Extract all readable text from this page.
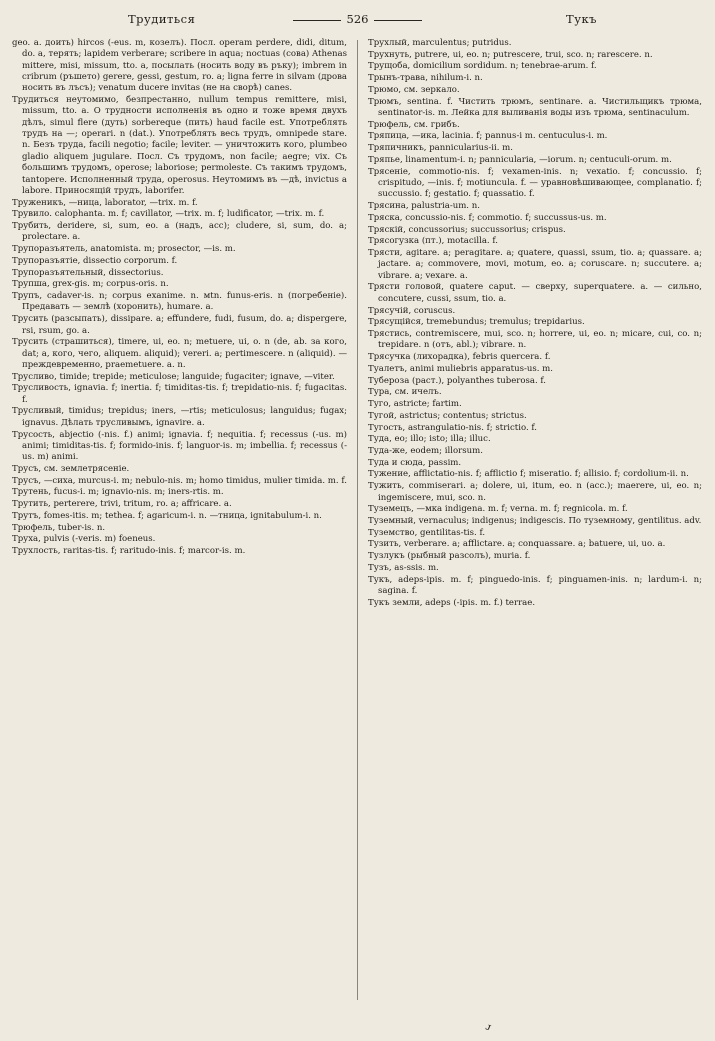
Трудиться	526	Тукъ

geo. a. доить) hircos (-eus. m, козелъ). Посл. operam perdere, didi, ditum, do. a, терять; lapidem verberare; scribere in aqua; noctuas (сова) Athenas mittere, misi, missum, tto. a, посылать (носить воду въ ръку); imbrem in cribrum (ръшето) gerere, gessi, gestum, ro. a; ligna ferre in silvam (дрова носить въ лъсъ); venatum ducere invitas (не на сворѣ) canes.

Трудиться неутомимо, безпрестанно, nullum tempus remittere, misi, missum, tto. a. О трудности исполненія въ одно и тоже время двухъ дѣлъ, simul flere (дуть) sorbereque (пить) haud facile est. Употреблять трудъ на —; operari. n (dat.). Употреблять весь трудъ, omnipede stare. n. Безъ труда, facili negotio; facile; leviter. — уничтожить кого, plumbeo gladio aliquem jugulare. Посл. Съ трудомъ, non facile; aegre; vix. Съ большимъ трудомъ, operose; laboriose; permoleste. Съ такимъ трудомъ, tantopere. Исполненный труда, operosus. Неутомимъ въ —дѣ, invictus a labore. Приносящій трудъ, laborifer.

Труженикъ, —ница, laborator, —trix. m. f.

Трувило. calophanta. m. f; cavillator, —trix. m. f; ludificator, —trix. m. f.

Трубить, deridere, si, sum, eo. a (надъ, acc); cludere, si, sum, do. a; prolectare. a.

Трупоразъятель, anatomista. m; prosector, —is. m.

Трупоразъятіе, dissectio corporum. f.

Трупоразъятельный, dissectorius.

Трупша, grex-gis. m; corpus-oris. n.

Трупъ, cadaver-is. n; corpus exanime. n. мtn. funus-eris. n (погребеніе). Предавать — землѣ (хоронить), humare. a.

Трусить (разсыпать), dissipare. a; effundere, fudi, fusum, do. a; dispergere, rsi, rsum, go. a.

Трусить (страшиться), timere, ui, eo. n; metuere, ui, o. n (de, ab. за кого, dat; a, кого, чего, aliquem. aliquid); vereri. a; pertimescere. n (aliquid). — преждевременно, praemetuere. a. n.

Трусливо, timide; trepide; meticulose; languide; fugaciter; ignave, —viter.

Трусливость, ignavia. f; inertia. f; timiditas-tis. f; trepidatio-nis. f; fugacitas. f.

Трусливый, timidus; trepidus; iners, —rtis; meticulosus; languidus; fugax; ignavus. Дѣлать трусливымъ, ignavire. a.

Трусость, abjectio (-nis. f.) animi; ignavia. f; nequitia. f; recessus (-us. m) animi; timiditas-tis. f; formido-inis. f; languor-is. m; imbellia. f; recessus (-us. m) animi.

Трусъ, см. землетрясеніе.

Трусъ, —сиха, murcus-i. m; nebulo-nis. m; homo timidus, mulier timida. m. f.

Трутень, fucus-i. m; ignavio-nis. m; iners-rtis. m.

Трутить, perterere, trivi, tritum, ro. a; affricare. a.

Трутъ, fomes-itis. m; tethea. f; agaricum-i. n. —тница, ignitabulum-i. n.

Трюфель, tuber-is. n.

Труха, pulvis (-veris. m) foeneus.

Трухлость, raritas-tis. f; raritudo-inis. f; marcor-is. m.

Трухлый, marculentus; putridus.

Трухнуть, putrere, ui, eo. n; putrescere, trui, sco. n; rarescere. n.

Трущоба, domicilium sordidum. n; tenebrae-arum. f.

Трынъ-трава, nihilum-i. n.

Трюмо, см. зеркало.

Трюмъ, sentina. f. Чистить трюмъ, sentinare. a. Чистильщикъ трюма, sentinator-is. m. Лейка для выливанія воды изъ трюма, sentinaculum.

Трюфель, см. грибъ.

Тряпица, —ика, lacinia. f; pannus-i m. centuculus-i. m.

Тряпичникъ, panniculаrius-ii. m.

Тряпье, linamentum-i. n; panniculаria, —iorum. n; centuculi-orum. m.

Трясеніе, commotio-nis. f; vexamen-inis. n; vexatio. f; concussio. f; crispitudo, —inis. f; motiuncula. f. — уравновѣшивающее, complanatio. f; succussio. f; gestatio. f; quassatio. f.

Трясина, palustria-um. n.

Тряска, concussio-nis. f; commotio. f; succussus-us. m.

Тряскій, concussorius; succussorius; crispus.

Трясогузка (пт.), motacilla. f.

Трясти, agitare. a; peragitare. a; quatere, quassi, ssum, tio. a; quassare. a; jactare. a; commovere, movi, motum, eo. a; coruscare. n; succutere. a; vibrare. a; vexare. a.

Трясти головой, quatere caput. — сверху, superquatere. a. — сильно, concutere, cussi, ssum, tio. a.

Трясучій, coruscus.

Трясущійся, tremebundus; tremulus; trepidarius.

Трястись, contremiscere, mui, sco. n; horrere, ui, eo. n; micare, cui, co. n; trepidare. n (отъ, abl.); vibrare. n.

Трясучка (лихорадка), febris quercera. f.

Туалетъ, animi muliebris apparatus-us. m.

Тубероза (раст.), polyanthes tuberosa. f.

Тура, см. ичелъ.

Туго, astricte; fartim.

Тугой, astrictus; contentus; strictus.

Тугость, astrangulatio-nis. f; strictio. f.

Туда, eo; illo; isto; illa; illuc.

Туда-же, eodem; illorsum.

Туда и сюда, passim.

Тужение, afflictatio-nis. f; afflictio f; miseratio. f; allisio. f; cordolium-ii. n.

Тужить, commiserari. a; dolere, ui, itum, eo. n (acc.); maerere, ui, eo. n; ingemiscere, mui, sco. n.

Туземецъ, —мка indigena. m. f; verna. m. f; regnicola. m. f.

Туземный, vernaculus; indigenus; indigescis. По туземному, gentilitus. adv.

Туземство, gentilitas-tis. f.

Тузить, verberare. a; afflictare. a; conquassare. a; batuere, ui, uo. a.

Тузлукъ (рыбный разсолъ), muria. f.

Тузъ, as-ssis. m.

Тукъ, adeps-ipis. m. f; pinguedo-inis. f; pinguamen-inis. n; lardum-i. n; sagina. f.

Тукъ земли, adeps (-ipis. m. f.) terrae.

ᴊ
